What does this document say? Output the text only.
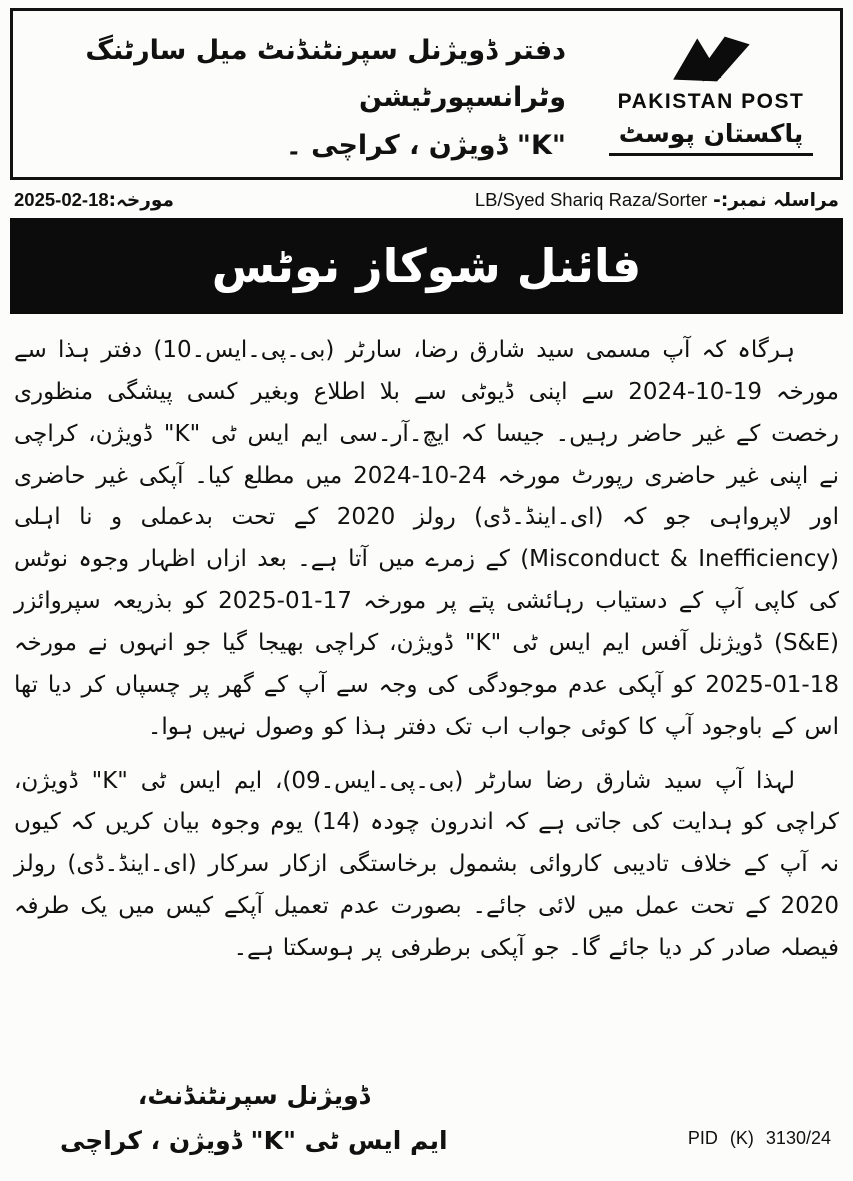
دفتر ڈویژنل سپرنٹنڈنٹ میل سارٹنگ وٹرانسپورٹیشن
"K" ڈویژن ، کراچی ۔
PAKISTAN POST
پاکستان پوسٹ
مورخہ:18-02-2025	مراسلہ نمبر:- LB/Syed Shariq Raza/Sorter
فائنل شوکاز نوٹس

ہرگاہ کہ آپ مسمی سید شارق رضا، سارٹر (بی۔پی۔ایس۔10) دفتر ہذا سے مورخہ 19-10-2024 سے اپنی ڈیوٹی سے بلا اطلاع وبغیر کسی پیشگی منظوری رخصت کے غیر حاضر رہیں۔ جیسا کہ ایچ۔آر۔سی ایم ایس ٹی "K" ڈویژن، کراچی نے اپنی غیر حاضری رپورٹ مورخہ 24-10-2024 میں مطلع کیا۔ آپکی غیر حاضری اور لاپرواہی جو کہ (ای۔اینڈ۔ڈی) رولز 2020 کے تحت بدعملی و نا اہلی (Misconduct & Inefficiency) کے زمرے میں آتا ہے۔ بعد ازاں اظہار وجوہ نوٹس کی کاپی آپ کے دستیاب رہائشی پتے پر مورخہ 17-01-2025 کو بذریعہ سپروائزر (S&E) ڈویژنل آفس ایم ایس ٹی "K" ڈویژن، کراچی بھیجا گیا جو انہوں نے مورخہ 18-01-2025 کو آپکی عدم موجودگی کی وجہ سے آپ کے گھر پر چسپاں کر دیا تھا اس کے باوجود آپ کا کوئی جواب اب تک دفتر ہذا کو وصول نہیں ہوا۔

لہذا آپ سید شارق رضا سارٹر (بی۔پی۔ایس۔09)، ایم ایس ٹی "K" ڈویژن، کراچی کو ہدایت کی جاتی ہے کہ اندرون چودہ (14) یوم وجوہ بیان کریں کہ کیوں نہ آپ کے خلاف تادیبی کاروائی بشمول برخاستگی ازکار سرکار (ای۔اینڈ۔ڈی) رولز 2020 کے تحت عمل میں لائی جائے۔ بصورت عدم تعمیل آپکے کیس میں یک طرفہ فیصلہ صادر کر دیا جائے گا۔ جو آپکی برطرفی پر ہوسکتا ہے۔

ڈویژنل سپرنٹنڈنٹ،
ایم ایس ٹی "K" ڈویژن ، کراچی	PID (K) 3130/24
